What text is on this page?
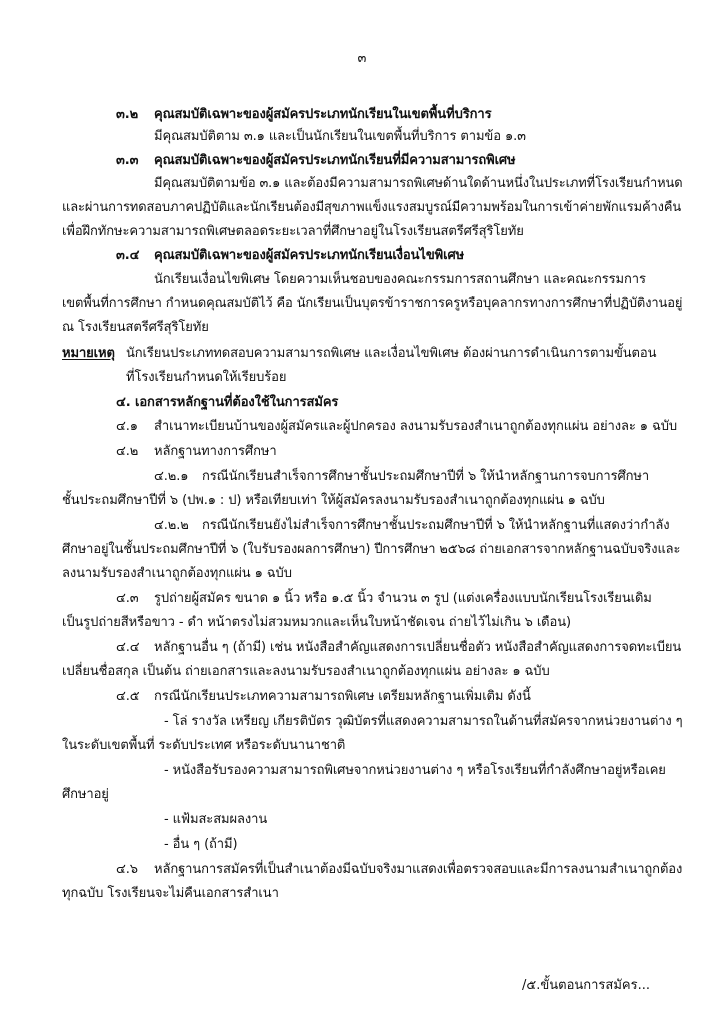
๓
๓.๒ คุณสมบัติเฉพาะของผู้สมัครประเภทนักเรียนในเขตพื้นที่บริการ
มีคุณสมบัติตาม ๓.๑ และเป็นนักเรียนในเขตพื้นที่บริการ ตามข้อ ๑.๓
๓.๓ คุณสมบัติเฉพาะของผู้สมัครประเภทนักเรียนที่มีความสามารถพิเศษ
มีคุณสมบัติตามข้อ ๓.๑ และต้องมีความสามารถพิเศษด้านใดด้านหนึ่งในประเภทที่โรงเรียนกำหนด
และผ่านการทดสอบภาคปฏิบัติและนักเรียนต้องมีสุขภาพแข็งแรงสมบูรณ์มีความพร้อมในการเข้าค่ายพักแรมค้างคืน
เพื่อฝึกทักษะความสามารถพิเศษตลอดระยะเวลาที่ศึกษาอยู่ในโรงเรียนสตรีศรีสุริโยทัย
๓.๔ คุณสมบัติเฉพาะของผู้สมัครประเภทนักเรียนเงื่อนไขพิเศษ
นักเรียนเงื่อนไขพิเศษ โดยความเห็นชอบของคณะกรรมการสถานศึกษา และคณะกรรมการ
เขตพื้นที่การศึกษา กำหนดคุณสมบัติไว้ คือ นักเรียนเป็นบุตรข้าราชการครูหรือบุคลากรทางการศึกษาที่ปฏิบัติงานอยู่
ณ โรงเรียนสตรีศรีสุริโยทัย
หมายเหตุ นักเรียนประเภททดสอบความสามารถพิเศษ และเงื่อนไขพิเศษ ต้องผ่านการดำเนินการตามขั้นตอน
ที่โรงเรียนกำหนดให้เรียบร้อย
๔. เอกสารหลักฐานที่ต้องใช้ในการสมัคร
๔.๑ สำเนาทะเบียนบ้านของผู้สมัครและผู้ปกครอง ลงนามรับรองสำเนาถูกต้องทุกแผ่น อย่างละ ๑ ฉบับ
๔.๒ หลักฐานทางการศึกษา
๔.๒.๑ กรณีนักเรียนสำเร็จการศึกษาชั้นประถมศึกษาปีที่ ๖ ให้นำหลักฐานการจบการศึกษา
ชั้นประถมศึกษาปีที่ ๖ (ปพ.๑ : ป) หรือเทียบเท่า ให้ผู้สมัครลงนามรับรองสำเนาถูกต้องทุกแผ่น ๑ ฉบับ
๔.๒.๒ กรณีนักเรียนยังไม่สำเร็จการศึกษาชั้นประถมศึกษาปีที่ ๖ ให้นำหลักฐานที่แสดงว่ากำลัง
ศึกษาอยู่ในชั้นประถมศึกษาปีที่ ๖ (ใบรับรองผลการศึกษา) ปีการศึกษา ๒๕๖๘ ถ่ายเอกสารจากหลักฐานฉบับจริงและ
ลงนามรับรองสำเนาถูกต้องทุกแผ่น ๑ ฉบับ
๔.๓ รูปถ่ายผู้สมัคร ขนาด ๑ นิ้ว หรือ ๑.๕ นิ้ว จำนวน ๓ รูป (แต่งเครื่องแบบนักเรียนโรงเรียนเดิม
เป็นรูปถ่ายสีหรือขาว - ดำ หน้าตรงไม่สวมหมวกและเห็นใบหน้าชัดเจน ถ่ายไว้ไม่เกิน ๖ เดือน)
๔.๔ หลักฐานอื่น ๆ (ถ้ามี) เช่น หนังสือสำคัญแสดงการเปลี่ยนชื่อตัว หนังสือสำคัญแสดงการจดทะเบียน
เปลี่ยนชื่อสกุล เป็นต้น ถ่ายเอกสารและลงนามรับรองสำเนาถูกต้องทุกแผ่น อย่างละ ๑ ฉบับ
๔.๕ กรณีนักเรียนประเภทความสามารถพิเศษ เตรียมหลักฐานเพิ่มเติม ดังนี้
- โล่ รางวัล เหรียญ เกียรติบัตร วุฒิบัตรที่แสดงความสามารถในด้านที่สมัครจากหน่วยงานต่าง ๆ
ในระดับเขตพื้นที่ ระดับประเทศ หรือระดับนานาชาติ
- หนังสือรับรองความสามารถพิเศษจากหน่วยงานต่าง ๆ หรือโรงเรียนที่กำลังศึกษาอยู่หรือเคย
ศึกษาอยู่
- แฟ้มสะสมผลงาน
- อื่น ๆ (ถ้ามี)
๔.๖ หลักฐานการสมัครที่เป็นสำเนาต้องมีฉบับจริงมาแสดงเพื่อตรวจสอบและมีการลงนามสำเนาถูกต้อง
ทุกฉบับ โรงเรียนจะไม่คืนเอกสารสำเนา
/๕.ขั้นตอนการสมัคร...
